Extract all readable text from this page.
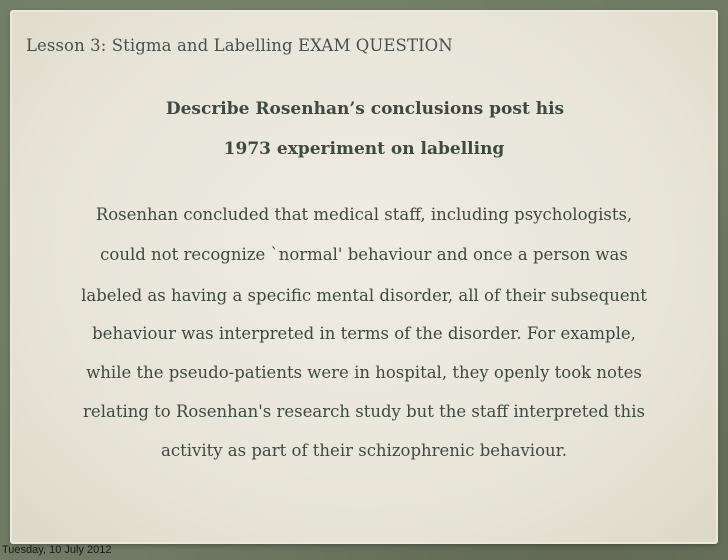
Lesson 3: Stigma and Labelling EXAM QUESTION
Describe Rosenhan’s conclusions post his
1973 experiment on labelling
Rosenhan concluded that medical staff, including psychologists,
could not recognize `normal' behaviour and once a person was
labeled as having a specific mental disorder, all of their subsequent
behaviour was interpreted in terms of the disorder. For example,
while the pseudo-patients were in hospital, they openly took notes
relating to Rosenhan's research study but the staff interpreted this
activity as part of their schizophrenic behaviour.
Tuesday, 10 July 2012
